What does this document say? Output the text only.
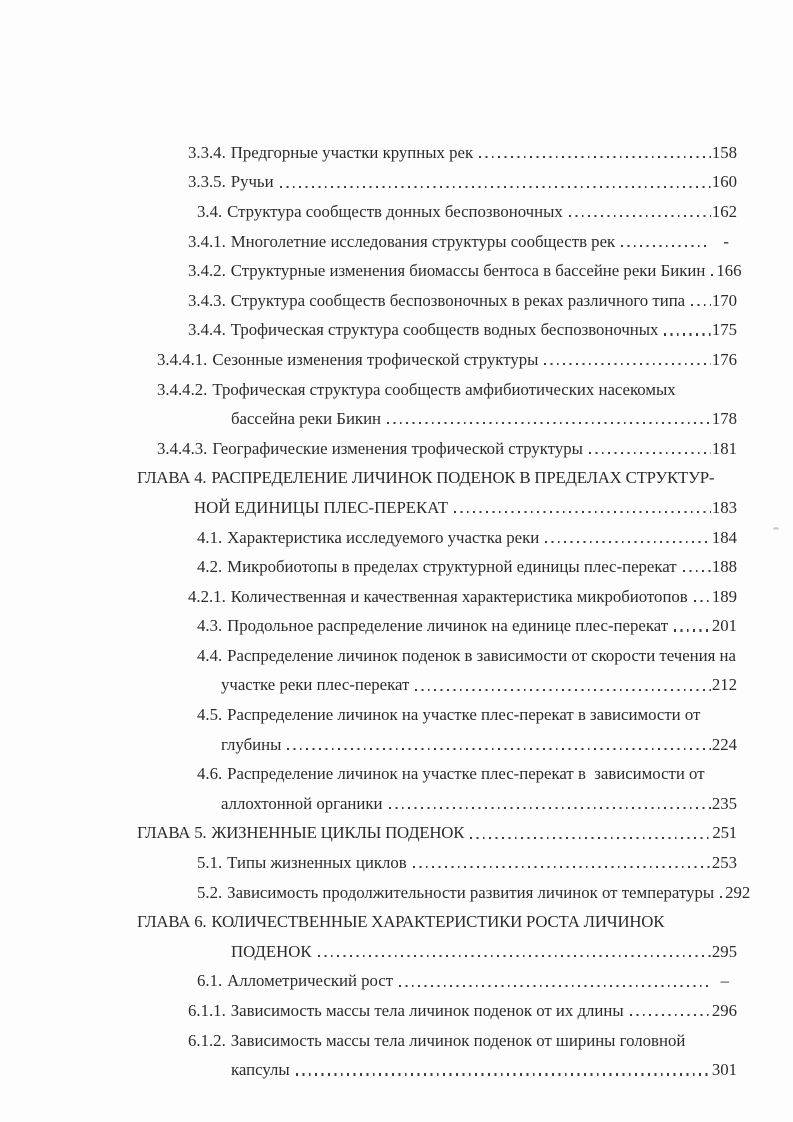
3.3.4. Предгорные участки крупных рек	158
3.3.5. Ручьи	160
3.4. Структура сообществ донных беспозвоночных	162
3.4.1. Многолетние исследования структуры сообществ рек	-
3.4.2. Структурные изменения биомассы бентоса в бассейне реки Бикин 166
3.4.3. Структура сообществ беспозвоночных в реках различного типа 170
3.4.4. Трофическая структура сообществ водных беспозвоночных	175
3.4.4.1. Сезонные изменения трофической структуры	176
3.4.4.2. Трофическая структура сообществ амфибиотических насекомых
бассейна реки Бикин	178
3.4.4.3. Географические изменения трофической структуры	181
ГЛАВА 4. РАСПРЕДЕЛЕНИЕ ЛИЧИНОК ПОДЕНОК В ПРЕДЕЛАХ СТРУКТУР-
НОЙ ЕДИНИЦЫ ПЛЕС-ПЕРЕКАТ	183
4.1. Характеристика исследуемого участка реки	184
4.2. Микробиотопы в пределах структурной единицы плес-перекат 188
4.2.1. Количественная и качественная характеристика микробиотопов 189
4.3. Продольное распределение личинок на единице плес-перекат	201
4.4. Распределение личинок поденок в зависимости от скорости течения на
участке реки плес-перекат	212
4.5. Распределение личинок на участке плес-перекат в зависимости от
глубины	224
4.6. Распределение личинок на участке плес-перекат в  зависимости от
аллохтонной органики	235
ГЛАВА 5. ЖИЗНЕННЫЕ ЦИКЛЫ ПОДЕНОК	251
5.1. Типы жизненных циклов	253
5.2. Зависимость продолжительности развития личинок от температуры 292
ГЛАВА 6. КОЛИЧЕСТВЕННЫЕ ХАРАКТЕРИСТИКИ РОСТА ЛИЧИНОК
ПОДЕНОК	295
6.1. Аллометрический рост	–
6.1.1. Зависимость массы тела личинок поденок от их длины	296
6.1.2. Зависимость массы тела личинок поденок от ширины головной
капсулы	301
